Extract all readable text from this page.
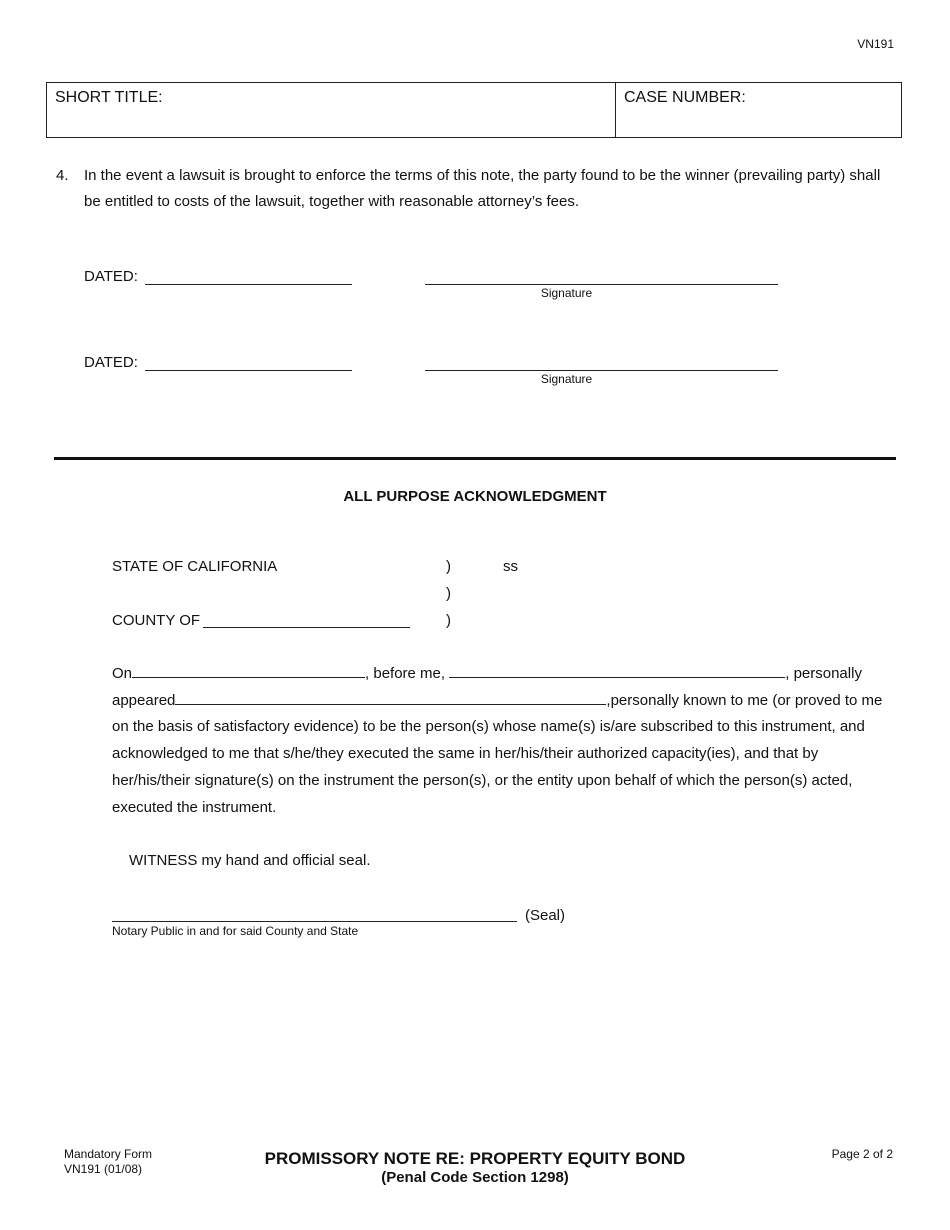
VN191
SHORT TITLE:	CASE NUMBER:
4. In the event a lawsuit is brought to enforce the terms of this note, the party found to be the winner (prevailing party) shall be entitled to costs of the lawsuit, together with reasonable attorney’s fees.
DATED:
Signature
DATED:
Signature
ALL PURPOSE ACKNOWLEDGMENT
STATE OF CALIFORNIA	)	ss
)
COUNTY OF	)
On	, before me,	, personally
appeared	,personally known to me (or proved to me on the basis of satisfactory evidence) to be the person(s) whose name(s) is/are subscribed to this instrument, and acknowledged to me that s/he/they executed the same in her/his/their authorized capacity(ies), and that by her/his/their signature(s) on the instrument the person(s), or the entity upon behalf of which the person(s) acted, executed the instrument.
WITNESS my hand and official seal.
(Seal)
Notary Public in and for said County and State
Mandatory Form
VN191 (01/08)
PROMISSORY NOTE RE: PROPERTY EQUITY BOND
(Penal Code Section 1298)
Page 2 of 2
